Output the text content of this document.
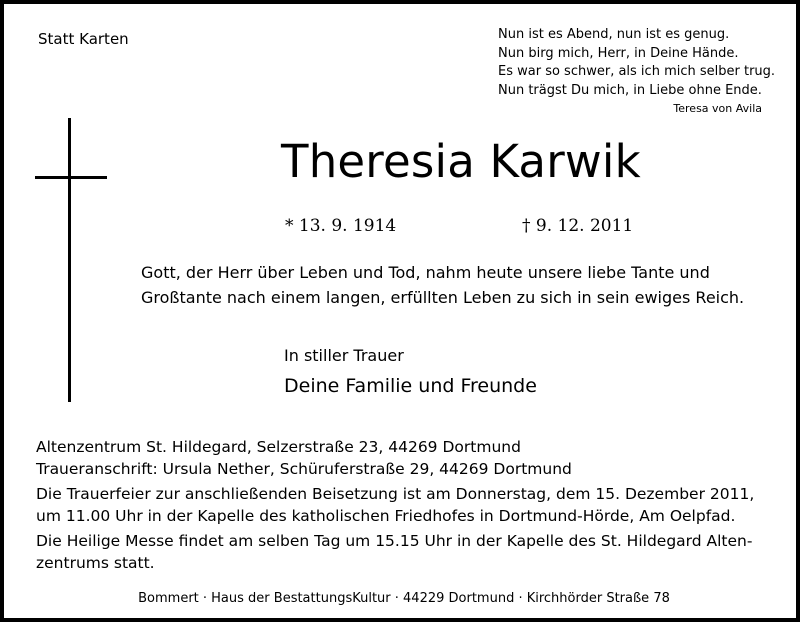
Statt Karten	Nun ist es Abend, nun ist es genug.
Nun birg mich, Herr, in Deine Hände.
Es war so schwer, als ich mich selber trug.
Nun trägst Du mich, in Liebe ohne Ende.
Teresa von Avila
Theresia Karwik
* 13. 9. 1914	† 9. 12. 2011
Gott, der Herr über Leben und Tod, nahm heute unsere liebe Tante und
Großtante nach einem langen, erfüllten Leben zu sich in sein ewiges Reich.
In stiller Trauer
Deine Familie und Freunde
Altenzentrum St. Hildegard, Selzerstraße 23, 44269 Dortmund
Traueranschrift: Ursula Nether, Schüruferstraße 29, 44269 Dortmund
Die Trauerfeier zur anschließenden Beisetzung ist am Donnerstag, dem 15. Dezember 2011,
um 11.00 Uhr in der Kapelle des katholischen Friedhofes in Dortmund-Hörde, Am Oelpfad.
Die Heilige Messe findet am selben Tag um 15.15 Uhr in der Kapelle des St. Hildegard Alten-
zentrums statt.
Bommert · Haus der BestattungsKultur · 44229 Dortmund · Kirchhörder Straße 78
